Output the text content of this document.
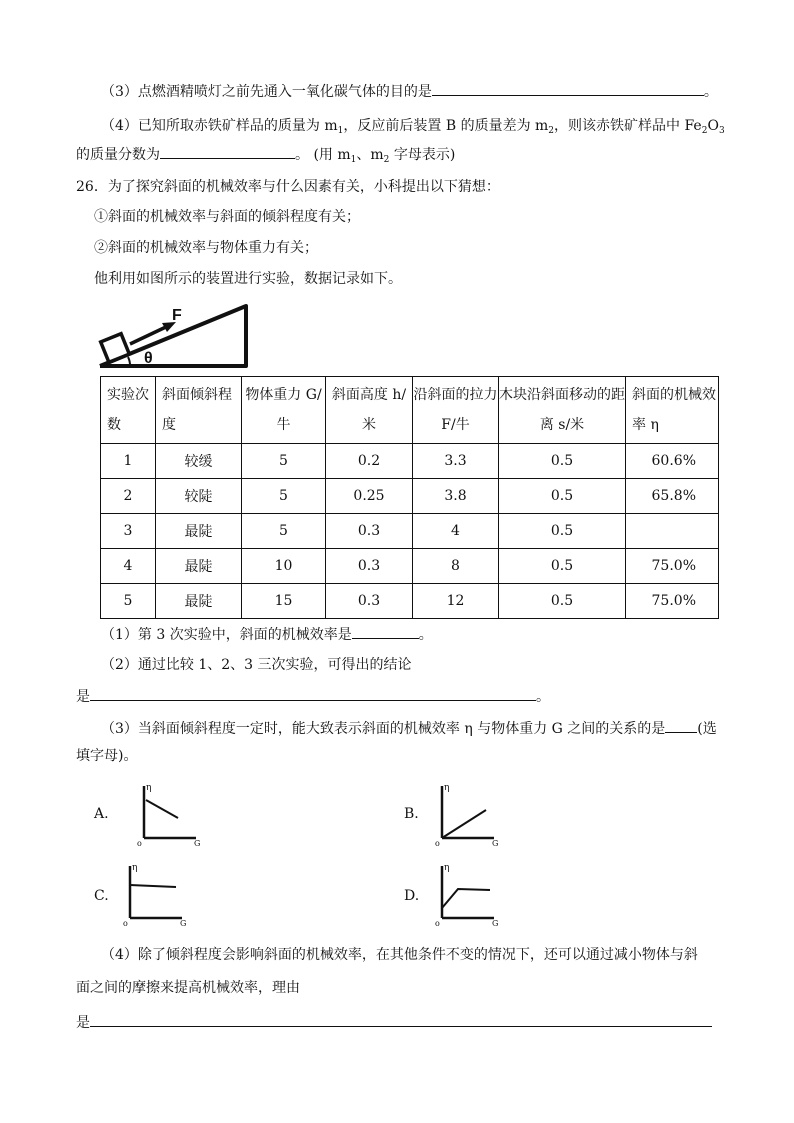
（3）点燃酒精喷灯之前先通入一氧化碳气体的目的是	。
（4）已知所取赤铁矿样品的质量为 $m_1$，反应前后装置 B 的质量差为 $m_2$，则该赤铁矿样品中 $Fe_2O_3$
的质量分数为	。 (用 $m_1$、$m_2$ 字母表示)
26．为了探究斜面的机械效率与什么因素有关，小科提出以下猜想：
①斜面的机械效率与斜面的倾斜程度有关；
②斜面的机械效率与物体重力有关；
他利用如图所示的装置进行实验，数据记录如下。
F
θ
实验次数	斜面倾斜程度	物体重力 G/牛	斜面高度 h/米	沿斜面的拉力 F/牛	木块沿斜面移动的距离 s/米	斜面的机械效率 η
1	较缓	5	0.2	3.3	0.5	60.6%
2	较陡	5	0.25	3.8	0.5	65.8%
3	最陡	5	0.3	4	0.5	
4	最陡	10	0.3	8	0.5	75.0%
5	最陡	15	0.3	12	0.5	75.0%
（1）第 3 次实验中，斜面的机械效率是	。
（2）通过比较 1、2、3 三次实验，可得出的结论
是	。
（3）当斜面倾斜程度一定时，能大致表示斜面的机械效率 η 与物体重力 G 之间的关系的是 (选
填字母)。
A.
η
o	G
B.
η
o	G
C.
η
o	G
D.
η
o	G
（4）除了倾斜程度会影响斜面的机械效率，在其他条件不变的情况下，还可以通过减小物体与斜
面之间的摩擦来提高机械效率，理由
是
